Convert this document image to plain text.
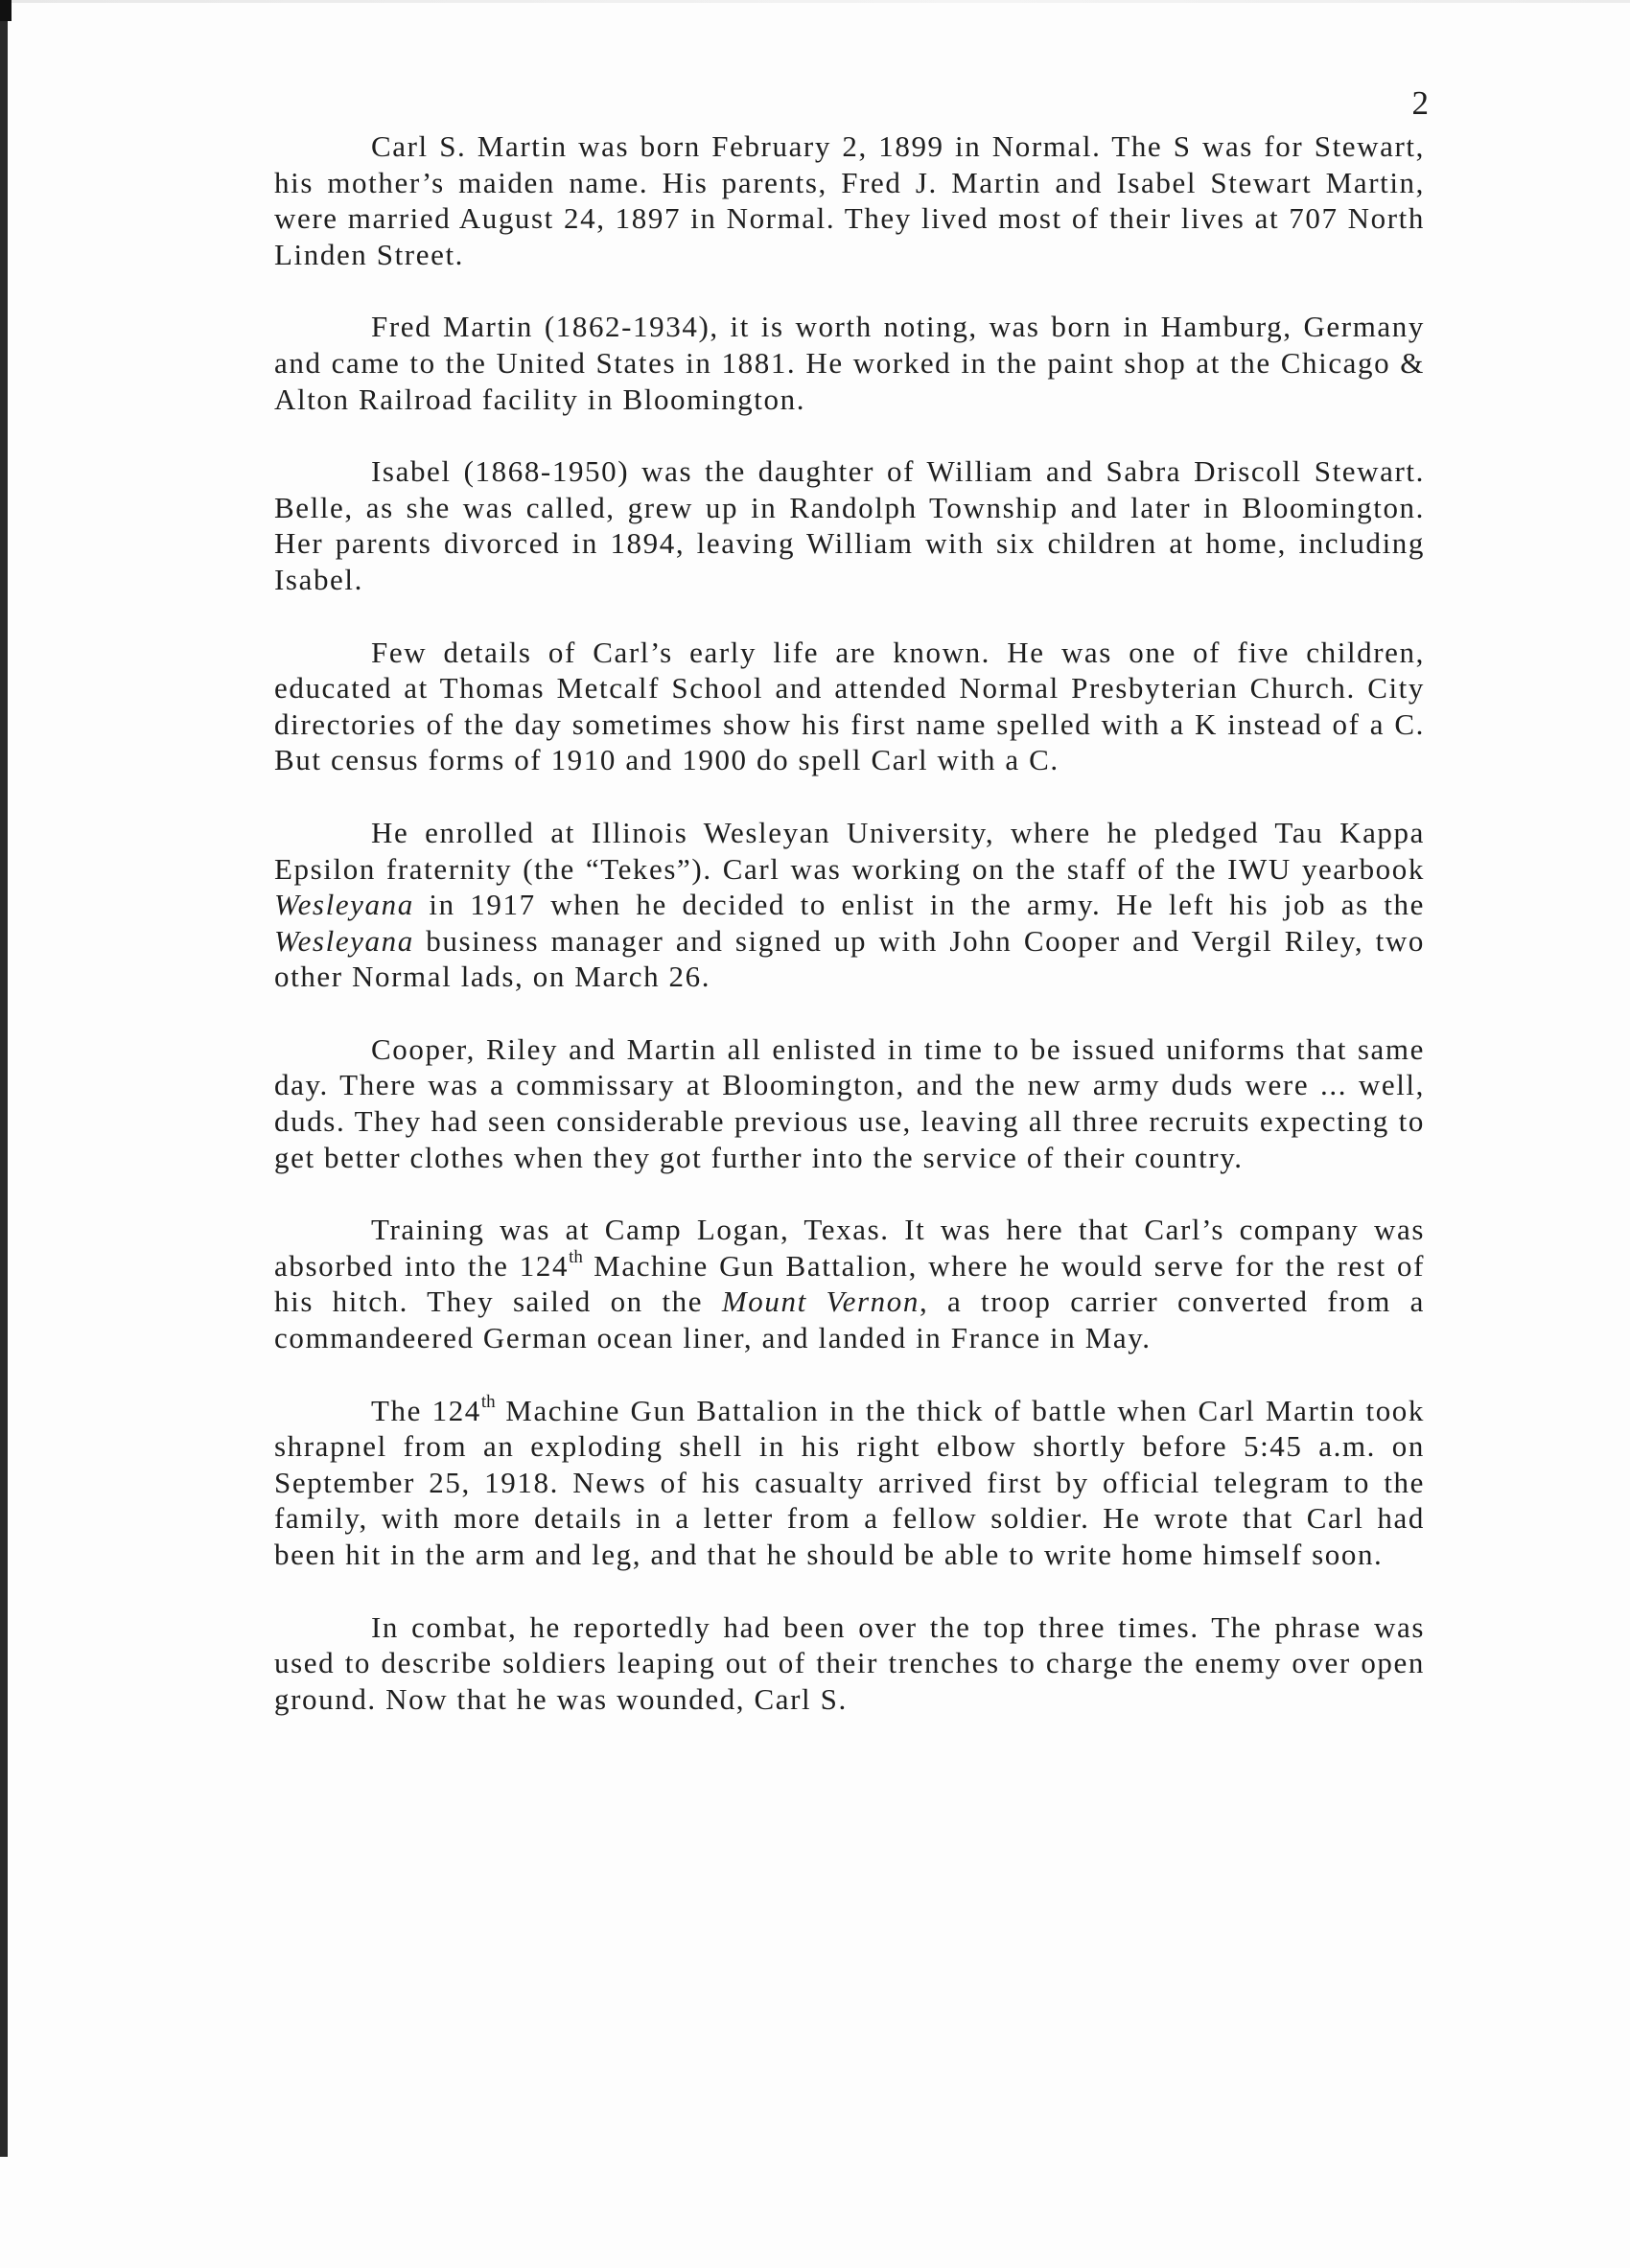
2

Carl S. Martin was born February 2, 1899 in Normal. The S was for Stewart, his mother’s maiden name. His parents, Fred J. Martin and Isabel Stewart Martin, were married August 24, 1897 in Normal. They lived most of their lives at 707 North Linden Street.

Fred Martin (1862-1934), it is worth noting, was born in Hamburg, Germany and came to the United States in 1881. He worked in the paint shop at the Chicago & Alton Railroad facility in Bloomington.

Isabel (1868-1950) was the daughter of William and Sabra Driscoll Stewart. Belle, as she was called, grew up in Randolph Township and later in Bloomington. Her parents divorced in 1894, leaving William with six children at home, including Isabel.

Few details of Carl’s early life are known. He was one of five children, educated at Thomas Metcalf School and attended Normal Presbyterian Church. City directories of the day sometimes show his first name spelled with a K instead of a C. But census forms of 1910 and 1900 do spell Carl with a C.

He enrolled at Illinois Wesleyan University, where he pledged Tau Kappa Epsilon fraternity (the “Tekes”). Carl was working on the staff of the IWU yearbook Wesleyana in 1917 when he decided to enlist in the army. He left his job as the Wesleyana business manager and signed up with John Cooper and Vergil Riley, two other Normal lads, on March 26.

Cooper, Riley and Martin all enlisted in time to be issued uniforms that same day. There was a commissary at Bloomington, and the new army duds were ... well, duds. They had seen considerable previous use, leaving all three recruits expecting to get better clothes when they got further into the service of their country.

Training was at Camp Logan, Texas. It was here that Carl’s company was absorbed into the 124th Machine Gun Battalion, where he would serve for the rest of his hitch. They sailed on the Mount Vernon, a troop carrier converted from a commandeered German ocean liner, and landed in France in May.

The 124th Machine Gun Battalion in the thick of battle when Carl Martin took shrapnel from an exploding shell in his right elbow shortly before 5:45 a.m. on September 25, 1918. News of his casualty arrived first by official telegram to the family, with more details in a letter from a fellow soldier. He wrote that Carl had been hit in the arm and leg, and that he should be able to write home himself soon.

In combat, he reportedly had been over the top three times. The phrase was used to describe soldiers leaping out of their trenches to charge the enemy over open ground. Now that he was wounded, Carl S.
